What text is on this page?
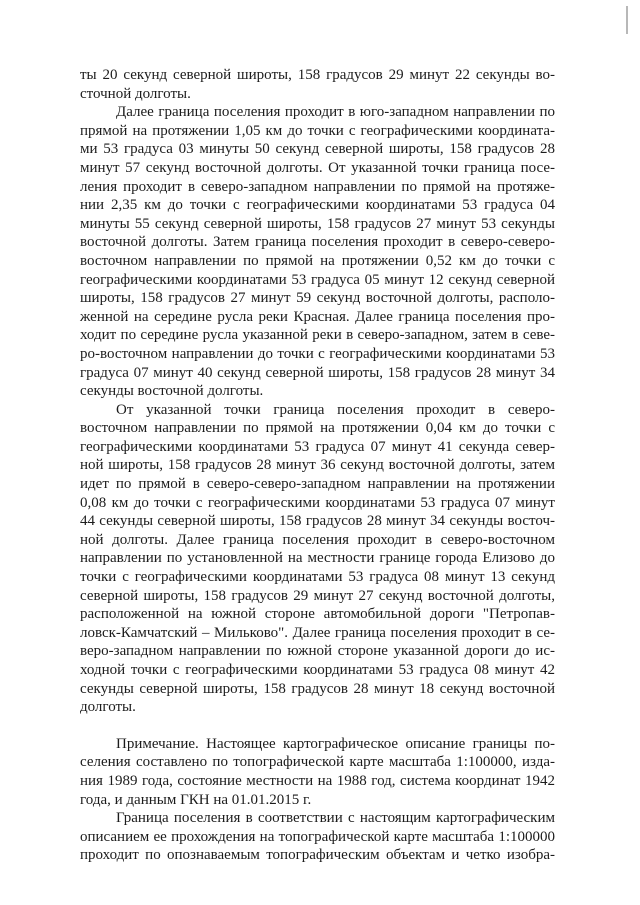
ты 20 секунд северной широты, 158 градусов 29 минут 22 секунды во-
сточной долготы.
Далее граница поселения проходит в юго-западном направлении по
прямой на протяжении 1,05 км до точки с географическими координата-
ми 53 градуса 03 минуты 50 секунд северной широты, 158 градусов 28
минут 57 секунд восточной долготы. От указанной точки граница посе-
ления проходит в северо-западном направлении по прямой на протяже-
нии 2,35 км до точки с географическими координатами 53 градуса 04
минуты 55 секунд северной широты, 158 градусов 27 минут 53 секунды
восточной долготы. Затем граница поселения проходит в северо-северо-
восточном направлении по прямой на протяжении 0,52 км до точки с
географическими координатами 53 градуса 05 минут 12 секунд северной
широты, 158 градусов 27 минут 59 секунд восточной долготы, располо-
женной на середине русла реки Красная. Далее граница поселения про-
ходит по середине русла указанной реки в северо-западном, затем в севе-
ро-восточном направлении до точки с географическими координатами 53
градуса 07 минут 40 секунд северной широты, 158 градусов 28 минут 34
секунды восточной долготы.
От указанной точки граница поселения проходит в северо-
восточном направлении по прямой на протяжении 0,04 км до точки с
географическими координатами 53 градуса 07 минут 41 секунда север-
ной широты, 158 градусов 28 минут 36 секунд восточной долготы, затем
идет по прямой в северо-северо-западном направлении на протяжении
0,08 км до точки с географическими координатами 53 градуса 07 минут
44 секунды северной широты, 158 градусов 28 минут 34 секунды восточ-
ной долготы. Далее граница поселения проходит в северо-восточном
направлении по установленной на местности границе города Елизово до
точки с географическими координатами 53 градуса 08 минут 13 секунд
северной широты, 158 градусов 29 минут 27 секунд восточной долготы,
расположенной на южной стороне автомобильной дороги "Петропав-
ловск-Камчатский – Мильково". Далее граница поселения проходит в се-
веро-западном направлении по южной стороне указанной дороги до ис-
ходной точки с географическими координатами 53 градуса 08 минут 42
секунды северной широты, 158 градусов 28 минут 18 секунд восточной
долготы.
Примечание. Настоящее картографическое описание границы по-
селения составлено по топографической карте масштаба 1:100000, изда-
ния 1989 года, состояние местности на 1988 год, система координат 1942
года, и данным ГКН на 01.01.2015 г.
Граница поселения в соответствии с настоящим картографическим
описанием ее прохождения на топографической карте масштаба 1:100000
проходит по опознаваемым топографическим объектам и четко изобра-
